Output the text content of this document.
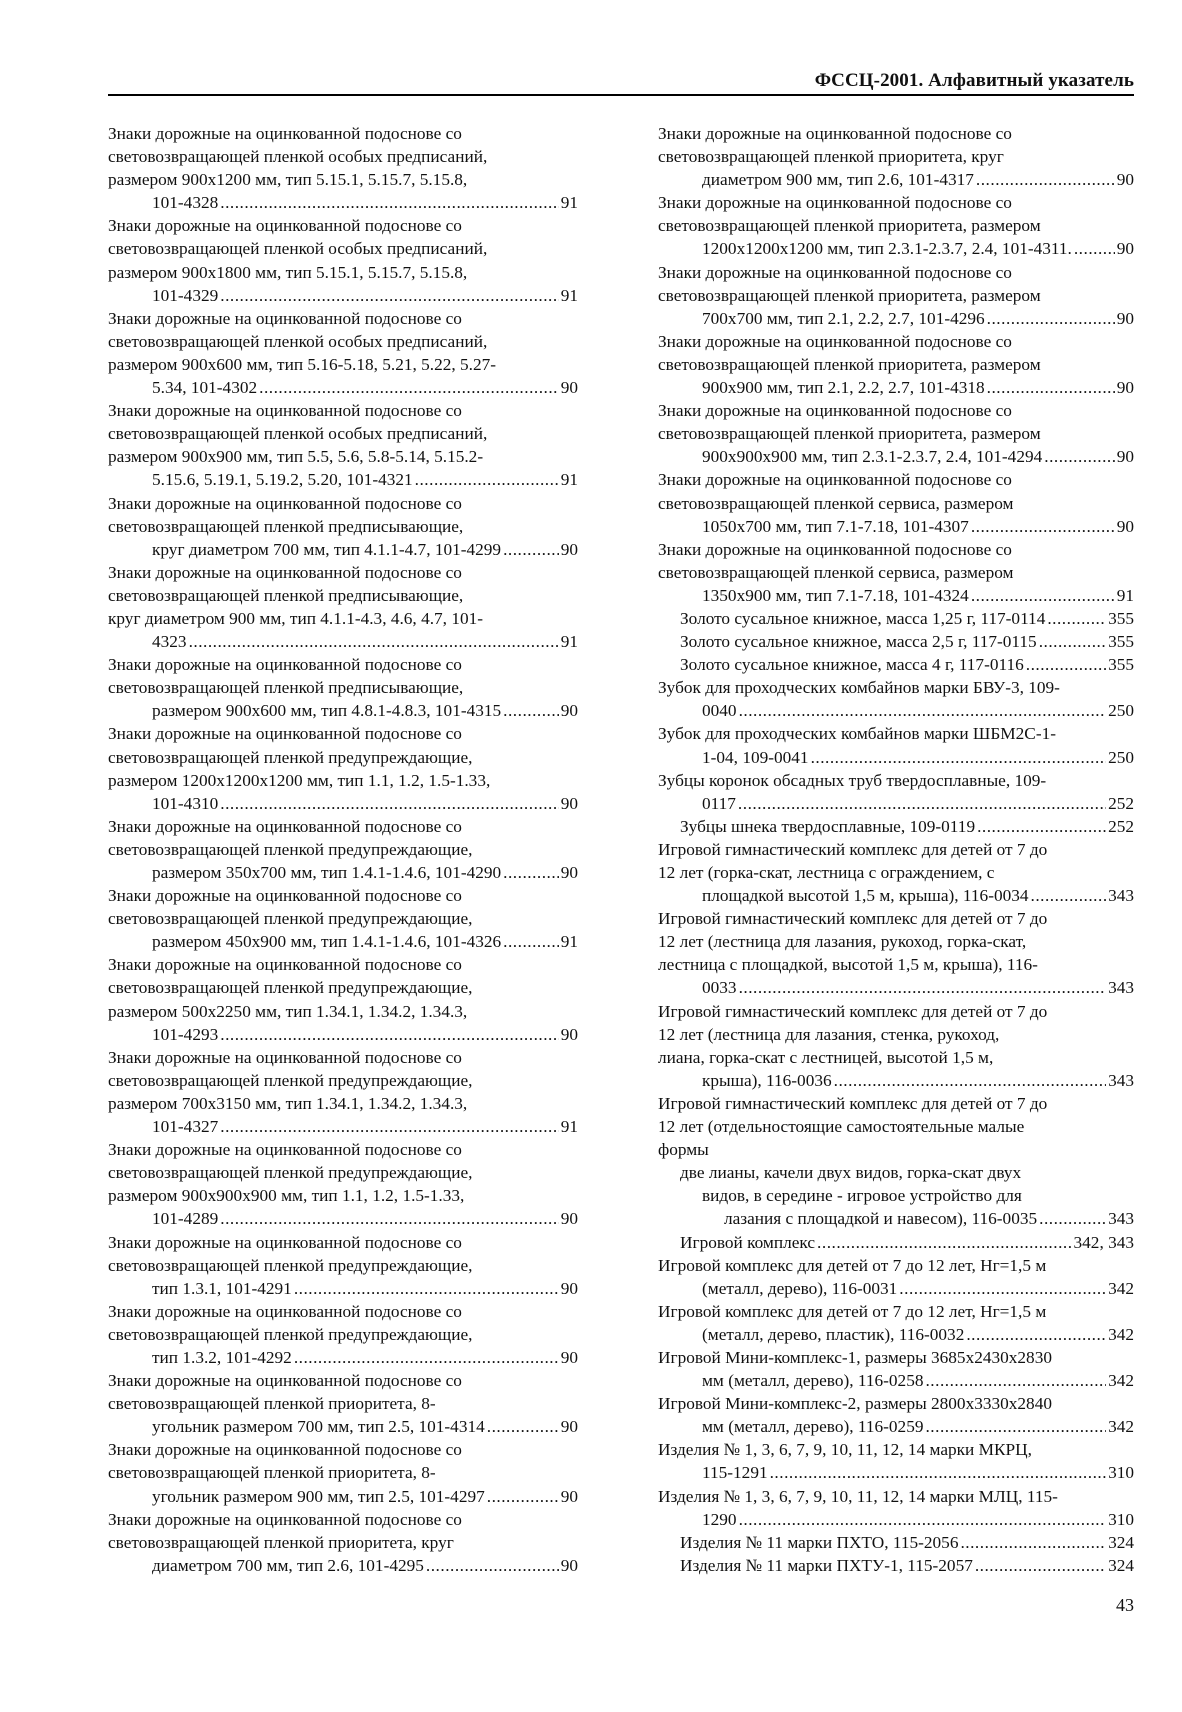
ФССЦ-2001. Алфавитный указатель
Знаки дорожные на оцинкованной подоснове со
световозвращающей пленкой особых предписаний,
размером 900х1200 мм, тип 5.15.1, 5.15.7, 5.15.8,
101-4328 .....	91
Знаки дорожные на оцинкованной подоснове со
световозвращающей пленкой особых предписаний,
размером 900х1800 мм, тип 5.15.1, 5.15.7, 5.15.8,
101-4329 .....	91
Знаки дорожные на оцинкованной подоснове со
световозвращающей пленкой особых предписаний,
размером 900х600 мм, тип 5.16-5.18, 5.21, 5.22, 5.27-
5.34, 101-4302 .....	90
Знаки дорожные на оцинкованной подоснове со
световозвращающей пленкой особых предписаний,
размером 900х900 мм, тип 5.5, 5.6, 5.8-5.14, 5.15.2-
5.15.6, 5.19.1, 5.19.2, 5.20, 101-4321 .....	91
Знаки дорожные на оцинкованной подоснове со
световозвращающей пленкой предписывающие,
круг диаметром 700 мм, тип 4.1.1-4.7, 101-4299 .....	90
Знаки дорожные на оцинкованной подоснове со
световозвращающей пленкой предписывающие,
круг диаметром 900 мм, тип 4.1.1-4.3, 4.6, 4.7, 101-
4323 .....	91
Знаки дорожные на оцинкованной подоснове со
световозвращающей пленкой предписывающие,
размером 900х600 мм, тип 4.8.1-4.8.3, 101-4315 .....	90
Знаки дорожные на оцинкованной подоснове со
световозвращающей пленкой предупреждающие,
размером 1200х1200х1200 мм, тип 1.1, 1.2, 1.5-1.33,
101-4310 .....	90
Знаки дорожные на оцинкованной подоснове со
световозвращающей пленкой предупреждающие,
размером 350х700 мм, тип 1.4.1-1.4.6, 101-4290 .....	90
Знаки дорожные на оцинкованной подоснове со
световозвращающей пленкой предупреждающие,
размером 450х900 мм, тип 1.4.1-1.4.6, 101-4326 .....	91
Знаки дорожные на оцинкованной подоснове со
световозвращающей пленкой предупреждающие,
размером 500х2250 мм, тип 1.34.1, 1.34.2, 1.34.3,
101-4293 .....	90
Знаки дорожные на оцинкованной подоснове со
световозвращающей пленкой предупреждающие,
размером 700х3150 мм, тип 1.34.1, 1.34.2, 1.34.3,
101-4327 .....	91
Знаки дорожные на оцинкованной подоснове со
световозвращающей пленкой предупреждающие,
размером 900х900х900 мм, тип 1.1, 1.2, 1.5-1.33,
101-4289 .....	90
Знаки дорожные на оцинкованной подоснове со
световозвращающей пленкой предупреждающие,
тип 1.3.1, 101-4291 .....	90
Знаки дорожные на оцинкованной подоснове со
световозвращающей пленкой предупреждающие,
тип 1.3.2, 101-4292 .....	90
Знаки дорожные на оцинкованной подоснове со
световозвращающей пленкой приоритета, 8-
угольник размером 700 мм, тип 2.5, 101-4314 .....	90
Знаки дорожные на оцинкованной подоснове со
световозвращающей пленкой приоритета, 8-
угольник размером 900 мм, тип 2.5, 101-4297 .....	90
Знаки дорожные на оцинкованной подоснове со
световозвращающей пленкой приоритета, круг
диаметром 700 мм, тип 2.6, 101-4295 .....	90
Знаки дорожные на оцинкованной подоснове со
световозвращающей пленкой приоритета, круг
диаметром 900 мм, тип 2.6, 101-4317 .....	90
Знаки дорожные на оцинкованной подоснове со
световозвращающей пленкой приоритета, размером
1200х1200х1200 мм, тип 2.3.1-2.3.7, 2.4, 101-4311. .....	90
Знаки дорожные на оцинкованной подоснове со
световозвращающей пленкой приоритета, размером
700х700 мм, тип 2.1, 2.2, 2.7, 101-4296 .....	90
Знаки дорожные на оцинкованной подоснове со
световозвращающей пленкой приоритета, размером
900х900 мм, тип 2.1, 2.2, 2.7, 101-4318 .....	90
Знаки дорожные на оцинкованной подоснове со
световозвращающей пленкой приоритета, размером
900х900х900 мм, тип 2.3.1-2.3.7, 2.4, 101-4294 .....	90
Знаки дорожные на оцинкованной подоснове со
световозвращающей пленкой сервиса, размером
1050х700 мм, тип 7.1-7.18, 101-4307 .....	90
Знаки дорожные на оцинкованной подоснове со
световозвращающей пленкой сервиса, размером
1350х900 мм, тип 7.1-7.18, 101-4324 .....	91
Золото сусальное книжное, масса 1,25 г, 117-0114 .....	355
Золото сусальное книжное, масса 2,5 г, 117-0115 .....	355
Золото сусальное книжное, масса 4 г, 117-0116 .....	355
Зубок для проходческих комбайнов марки БВУ-3, 109-
0040 .....	250
Зубок для проходческих комбайнов марки ШБМ2С-1-
1-04, 109-0041 .....	250
Зубцы коронок обсадных труб твердосплавные, 109-
0117 .....	252
Зубцы шнека твердосплавные, 109-0119 .....	252
Игровой гимнастический комплекс для детей от 7 до
12 лет (горка-скат, лестница с ограждением, с
площадкой высотой 1,5 м, крыша), 116-0034 .....	343
Игровой гимнастический комплекс для детей от 7 до
12 лет (лестница для лазания, рукоход, горка-скат,
лестница с площадкой, высотой 1,5 м, крыша), 116-
0033 .....	343
Игровой гимнастический комплекс для детей от 7 до
12 лет (лестница для лазания, стенка, рукоход,
лиана, горка-скат с лестницей, высотой 1,5 м,
крыша), 116-0036 .....	343
Игровой гимнастический комплекс для детей от 7 до
12 лет (отдельностоящие самостоятельные малые
формы
две лианы, качели двух видов, горка-скат двух
видов, в середине - игровое устройство для
лазания с площадкой и навесом), 116-0035 .....	343
Игровой комплекс .....	342, 343
Игровой комплекс для детей от 7 до 12 лет, Нг=1,5 м
(металл, дерево), 116-0031 .....	342
Игровой комплекс для детей от 7 до 12 лет, Нг=1,5 м
(металл, дерево, пластик), 116-0032 .....	342
Игровой Мини-комплекс-1, размеры 3685х2430х2830
мм (металл, дерево), 116-0258 .....	342
Игровой Мини-комплекс-2, размеры 2800х3330х2840
мм (металл, дерево), 116-0259 .....	342
Изделия № 1, 3, 6, 7, 9, 10, 11, 12, 14 марки МКРЦ,
115-1291 .....	310
Изделия № 1, 3, 6, 7, 9, 10, 11, 12, 14 марки МЛЦ, 115-
1290 .....	310
Изделия № 11 марки ПХТО, 115-2056 .....	324
Изделия № 11 марки ПХТУ-1, 115-2057 .....	324
43
